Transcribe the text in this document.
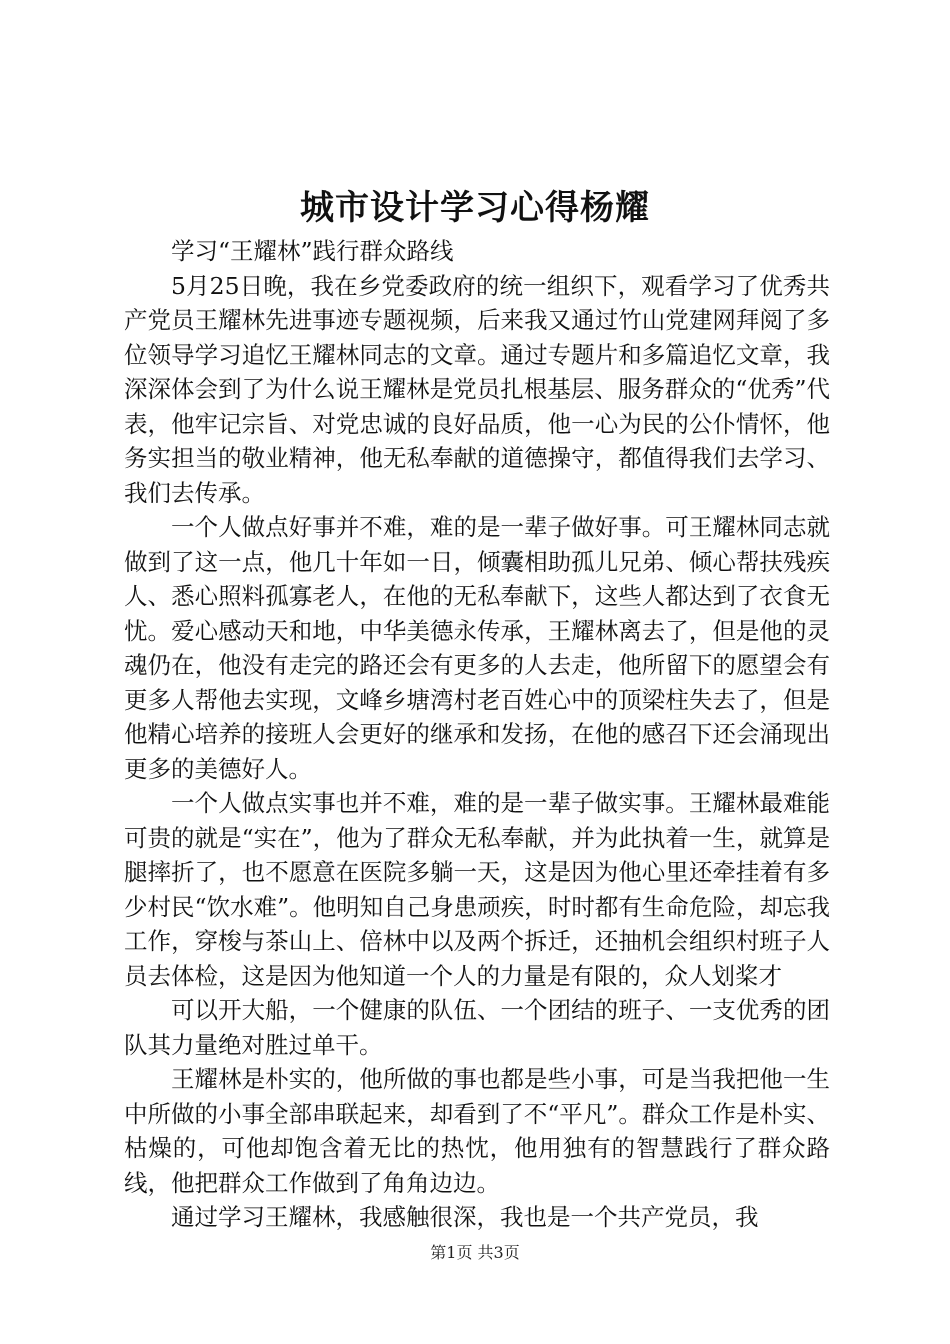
城市设计学习心得杨耀

学习“王耀林”践行群众路线

5月25日晚，我在乡党委政府的统一组织下，观看学习了优秀共产党员王耀林先进事迹专题视频，后来我又通过竹山党建网拜阅了多位领导学习追忆王耀林同志的文章。通过专题片和多篇追忆文章，我深深体会到了为什么说王耀林是党员扎根基层、服务群众的“优秀”代表，他牢记宗旨、对党忠诚的良好品质，他一心为民的公仆情怀，他务实担当的敬业精神，他无私奉献的道德操守，都值得我们去学习、我们去传承。

一个人做点好事并不难，难的是一辈子做好事。可王耀林同志就做到了这一点，他几十年如一日，倾囊相助孤儿兄弟、倾心帮扶残疾人、悉心照料孤寡老人，在他的无私奉献下，这些人都达到了衣食无忧。爱心感动天和地，中华美德永传承，王耀林离去了，但是他的灵魂仍在，他没有走完的路还会有更多的人去走，他所留下的愿望会有更多人帮他去实现，文峰乡塘湾村老百姓心中的顶梁柱失去了，但是他精心培养的接班人会更好的继承和发扬，在他的感召下还会涌现出更多的美德好人。

一个人做点实事也并不难，难的是一辈子做实事。王耀林最难能可贵的就是“实在”，他为了群众无私奉献，并为此执着一生，就算是腿摔折了，也不愿意在医院多躺一天，这是因为他心里还牵挂着有多少村民“饮水难”。他明知自己身患顽疾，时时都有生命危险，却忘我工作，穿梭与茶山上、倍林中以及两个拆迁，还抽机会组织村班子人员去体检，这是因为他知道一个人的力量是有限的，众人划桨才

可以开大船，一个健康的队伍、一个团结的班子、一支优秀的团队其力量绝对胜过单干。

王耀林是朴实的，他所做的事也都是些小事，可是当我把他一生中所做的小事全部串联起来，却看到了不“平凡”。群众工作是朴实、枯燥的，可他却饱含着无比的热忱，他用独有的智慧践行了群众路线，他把群众工作做到了角角边边。

通过学习王耀林，我感触很深，我也是一个共产党员，我

第1页 共3页
